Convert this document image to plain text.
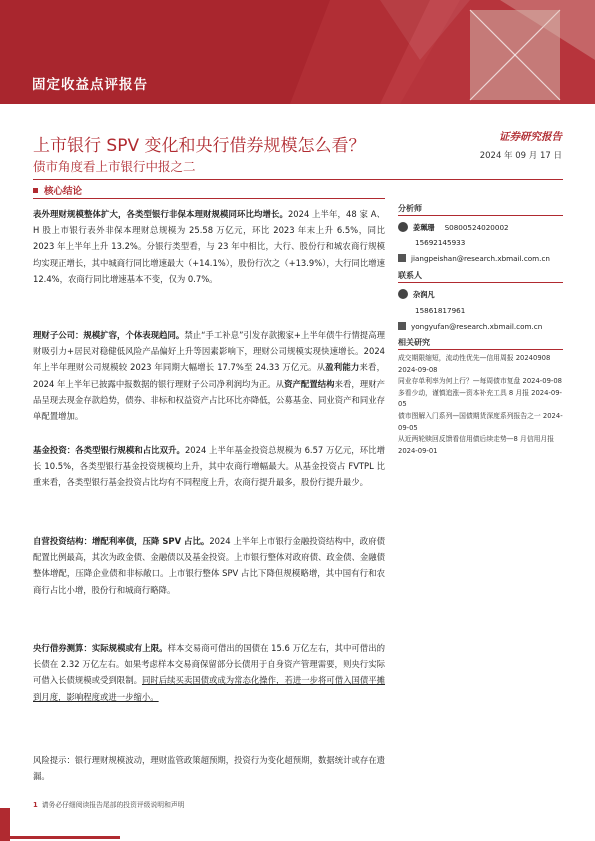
固定收益点评报告
上市银行 SPV 变化和央行借券规模怎么看？
债市角度看上市银行中报之二
证券研究报告
2024 年 09 月 17 日
核心结论
表外理财规模整体扩大，各类型银行非保本理财规模同环比均增长。2024 上半年，48 家 A、H 股上市银行表外非保本理财总规模为 25.58 万亿元，环比 2023 年末上升 6.5%，同比 2023 年上半年上升 13.2%。分银行类型看，与 23 年中相比，大行、股份行和城农商行规模均实现正增长，其中城商行同比增速最大（+14.1%），股份行次之（+13.9%），大行同比增速 12.4%，农商行同比增速基本不变，仅为 0.7%。
理财子公司：规模扩容，个体表现趋同。禁止“手工补息”引发存款搬家+上半年债牛行情提高理财吸引力+居民对稳健低风险产品偏好上升等因素影响下，理财公司规模实现快速增长。2024 年上半年理财公司规模较 2023 年同期大幅增长 17.7%至 24.33 万亿元。从盈利能力来看，2024 年上半年已披露中报数据的银行理财子公司净利润均为正。从资产配置结构来看，理财产品呈现去现金存款趋势，债券、非标和权益资产占比环比亦降低，公募基金、同业资产和同业存单配置增加。
基金投资：各类型银行规模和占比双升。2024 上半年基金投资总规模为 6.57 万亿元，环比增长 10.5%，各类型银行基金投资规模均上升，其中农商行增幅最大。从基金投资占 FVTPL 比重来看，各类型银行基金投资占比均有不同程度上升，农商行提升最多，股份行提升最少。
自营投资结构：增配利率债，压降 SPV 占比。2024 上半年上市银行金融投资结构中，政府债配置比例最高，其次为政金债、金融债以及基金投资。上市银行整体对政府债、政金债、金融债整体增配，压降企业债和非标敞口。上市银行整体 SPV 占比下降但规模略增，其中国有行和农商行占比小增，股份行和城商行略降。
央行借券测算：实际规模或有上限。样本交易商可借出的国债在 15.6 万亿左右，其中可借出的长债在 2.32 万亿左右。如果考虑样本交易商保留部分长债用于自身资产管理需要，则央行实际可借入长债规模或受到限制。同时后续买卖国债或成为常态化操作，若进一步将可借入国债平摊到月度，影响程度或进一步缩小。
风险提示：银行理财规模波动，理财监管政策超预期，投资行为变化超预期，数据统计或存在遗漏。
分析师
姜珮珊 S0800524020002
15692145933
jiangpeishan@research.xbmail.com.cn
联系人
杂润凡
15861817961
yongyufan@research.xbmail.com.cn
相关研究
成交期限缩短，流动性优先—信用周报 20240908 2024-09-08
同业存单利率为何上行？—每周债市复盘 2024-09-08
多看少动，谨慎追涨—资本补充工具 8 月报 2024-09-05
债市图解入门系列—国债期货深度系列报告之一 2024-09-05
从近两轮赎回反馈看信用债后续走势—8 月信用月报 2024-09-01
1 请务必仔细阅读报告尾部的投资评级说明和声明
